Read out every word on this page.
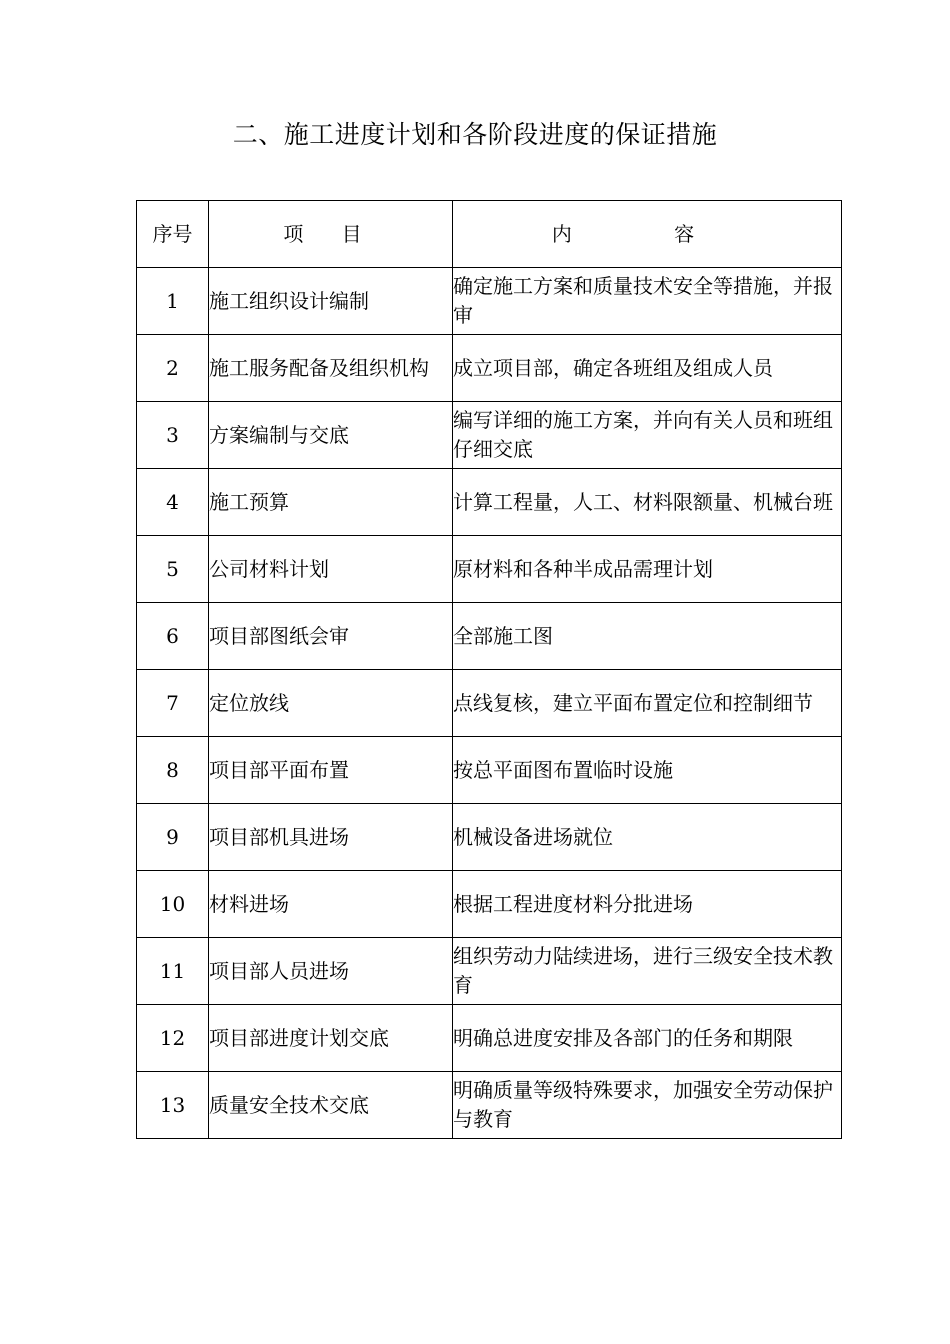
二、施工进度计划和各阶段进度的保证措施
序号	项 目	内 容
1	施工组织设计编制	确定施工方案和质量技术安全等措施，并报审
2	施工服务配备及组织机构	成立项目部，确定各班组及组成人员
3	方案编制与交底	编写详细的施工方案，并向有关人员和班组仔细交底
4	施工预算	计算工程量，人工、材料限额量、机械台班
5	公司材料计划	原材料和各种半成品需理计划
6	项目部图纸会审	全部施工图
7	定位放线	点线复核，建立平面布置定位和控制细节
8	项目部平面布置	按总平面图布置临时设施
9	项目部机具进场	机械设备进场就位
10	材料进场	根据工程进度材料分批进场
11	项目部人员进场	组织劳动力陆续进场，进行三级安全技术教育
12	项目部进度计划交底	明确总进度安排及各部门的任务和期限
13	质量安全技术交底	明确质量等级特殊要求，加强安全劳动保护与教育
